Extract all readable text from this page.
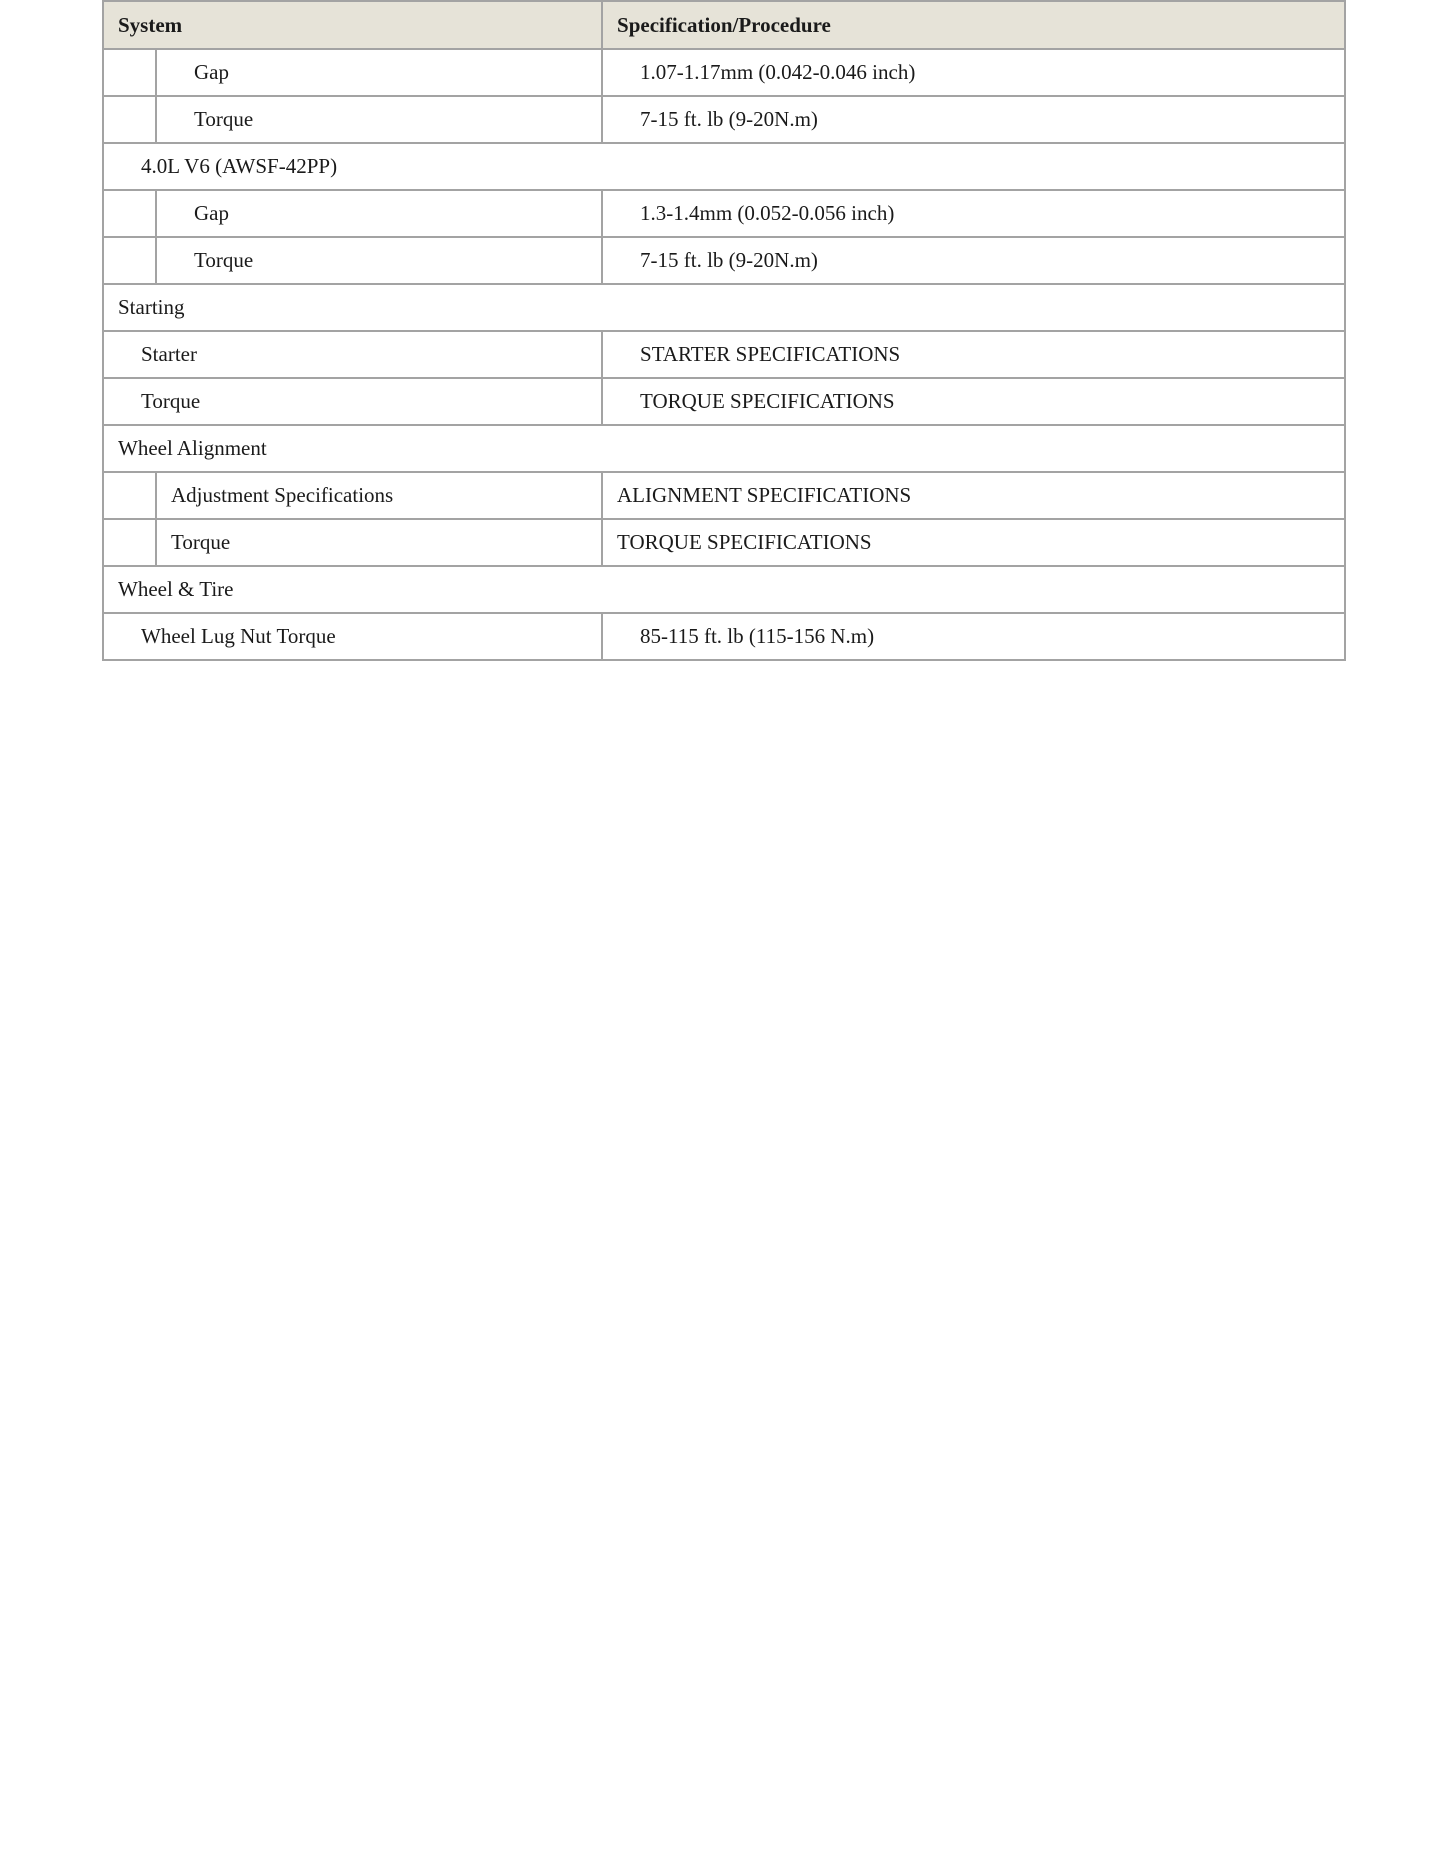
System		Specification/Procedure
	Gap	1.07-1.17mm (0.042-0.046 inch)
	Torque	7-15 ft. lb (9-20N.m)
4.0L V6 (AWSF-42PP)		
	Gap	1.3-1.4mm (0.052-0.056 inch)
	Torque	7-15 ft. lb (9-20N.m)
Starting		
Starter		STARTER SPECIFICATIONS
Torque		TORQUE SPECIFICATIONS
Wheel Alignment		
	Adjustment Specifications	ALIGNMENT SPECIFICATIONS
	Torque	TORQUE SPECIFICATIONS
Wheel & Tire		
Wheel Lug Nut Torque		85-115 ft. lb (115-156 N.m)
